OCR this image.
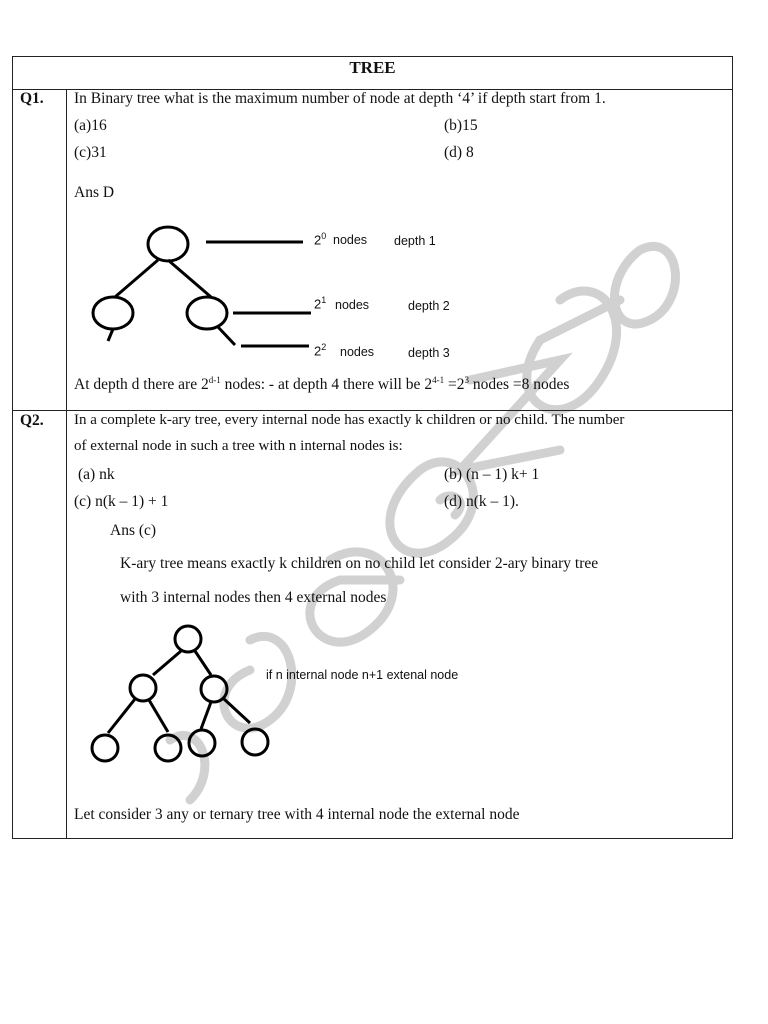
TREE
Q1. In Binary tree what is the maximum number of node at depth ‘4’ if depth start from 1.
(a)16	(b)15
(c)31	(d) 8
Ans D
$2^0$ nodes depth 1
$2^1$ nodes	depth 2
$2^2$ nodes	depth 3
At depth d there are 2$^{d-1}$ nodes: - at depth 4 there will be $2^{4-1} =2^3$ nodes =8 nodes
Q2. In a complete k-ary tree, every internal node has exactly k children or no child. The number
of external node in such a tree with n internal nodes is:
(a) nk	(b) (n – 1) k+ 1
(c) n(k – 1) + 1	(d) n(k – 1).
Ans (c)
K-ary tree means exactly k children on no child let consider 2-ary binary tree
with 3 internal nodes then 4 external nodes
if n internal node n+1 extenal node
Let consider 3 any or ternary tree with 4 internal node the external node
